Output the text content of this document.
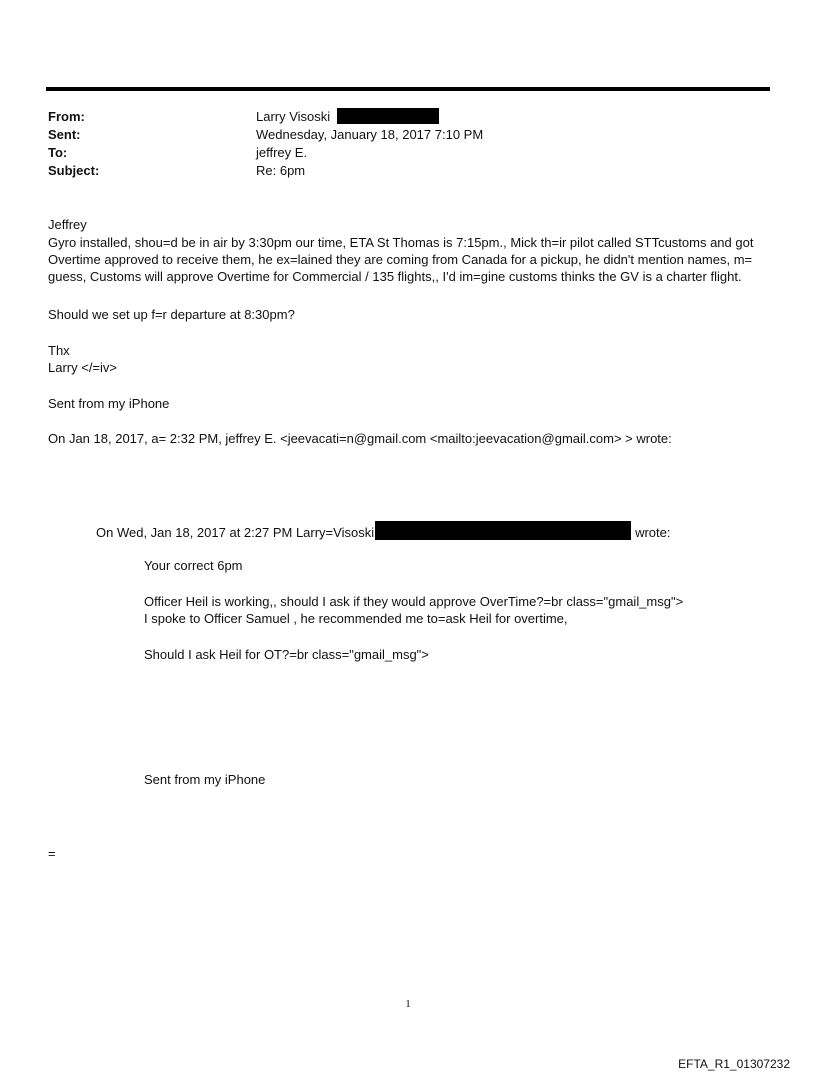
From:	Larry Visoski
Sent:	Wednesday, January 18, 2017 7:10 PM
To:	jeffrey E.
Subject:	Re: 6pm
Jeffrey
Gyro installed, shou=d be in air by 3:30pm our time, ETA St Thomas is 7:15pm., Mick th=ir pilot called STTcustoms and got Overtime approved to receive them, he ex=lained they are coming from Canada for a pickup, he didn't mention names, m= guess, Customs will approve Overtime for Commercial / 135 flights,, I'd im=gine customs thinks the GV is a charter flight.
Should we set up f=r departure at 8:30pm?
Thx
Larry </=iv>
Sent from my iPhone
On Jan 18, 2017, a= 2:32 PM, jeffrey E. <jeevacati=n@gmail.com <mailto:jeevacation@gmail.com> > wrote:
On Wed, Jan 18, 2017 at 2:27 PM Larry=Visoski	wrote:
Your correct 6pm
Officer Heil is working,, should I ask if they would approve OverTime?=br class="gmail_msg">
I spoke to Officer Samuel , he recommended me to=ask Heil for overtime,
Should I ask Heil for OT?=br class="gmail_msg">
Sent from my iPhone
=
1
EFTA_R1_01307232
